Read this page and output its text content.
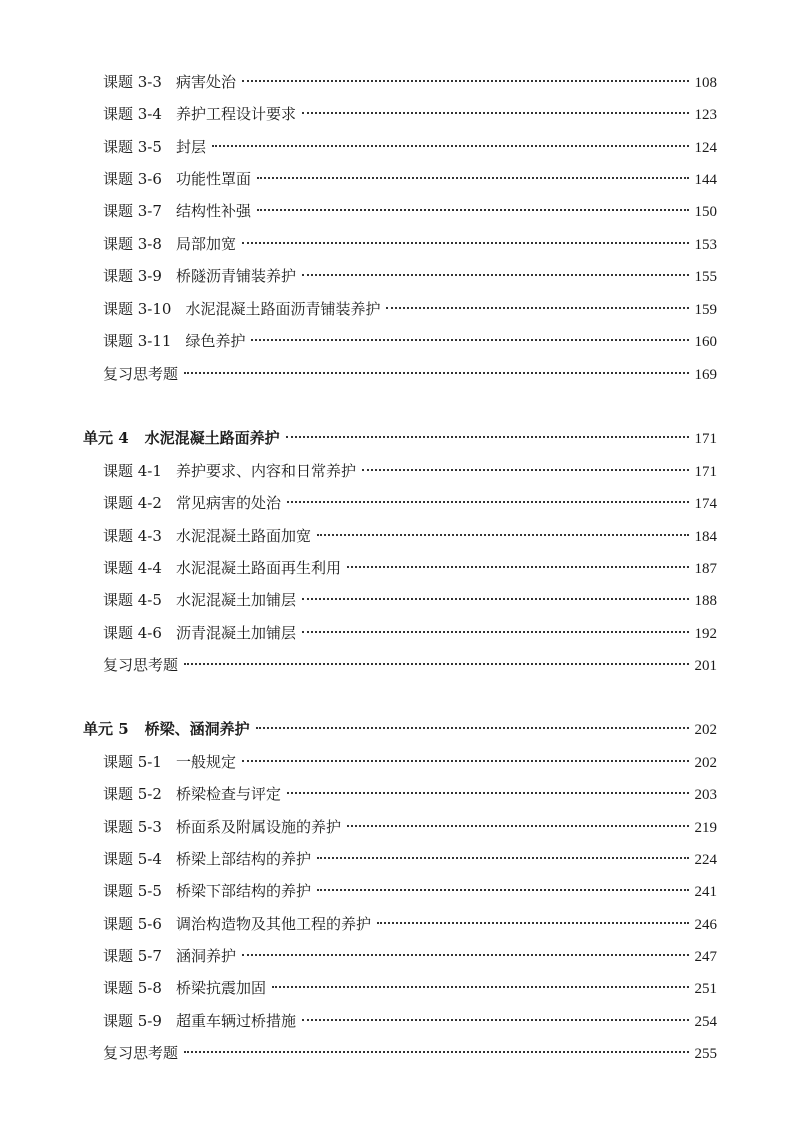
课题 3-3 病害处治	108
课题 3-4 养护工程设计要求	123
课题 3-5 封层	124
课题 3-6 功能性罩面	144
课题 3-7 结构性补强	150
课题 3-8 局部加宽	153
课题 3-9 桥隧沥青铺装养护	155
课题 3-10 水泥混凝土路面沥青铺装养护	159
课题 3-11 绿色养护	160
复习思考题	169
单元 4 水泥混凝土路面养护	171
课题 4-1 养护要求、内容和日常养护	171
课题 4-2 常见病害的处治	174
课题 4-3 水泥混凝土路面加宽	184
课题 4-4 水泥混凝土路面再生利用	187
课题 4-5 水泥混凝土加铺层	188
课题 4-6 沥青混凝土加铺层	192
复习思考题	201
单元 5 桥梁、涵洞养护	202
课题 5-1 一般规定	202
课题 5-2 桥梁检查与评定	203
课题 5-3 桥面系及附属设施的养护	219
课题 5-4 桥梁上部结构的养护	224
课题 5-5 桥梁下部结构的养护	241
课题 5-6 调治构造物及其他工程的养护	246
课题 5-7 涵洞养护	247
课题 5-8 桥梁抗震加固	251
课题 5-9 超重车辆过桥措施	254
复习思考题	255
